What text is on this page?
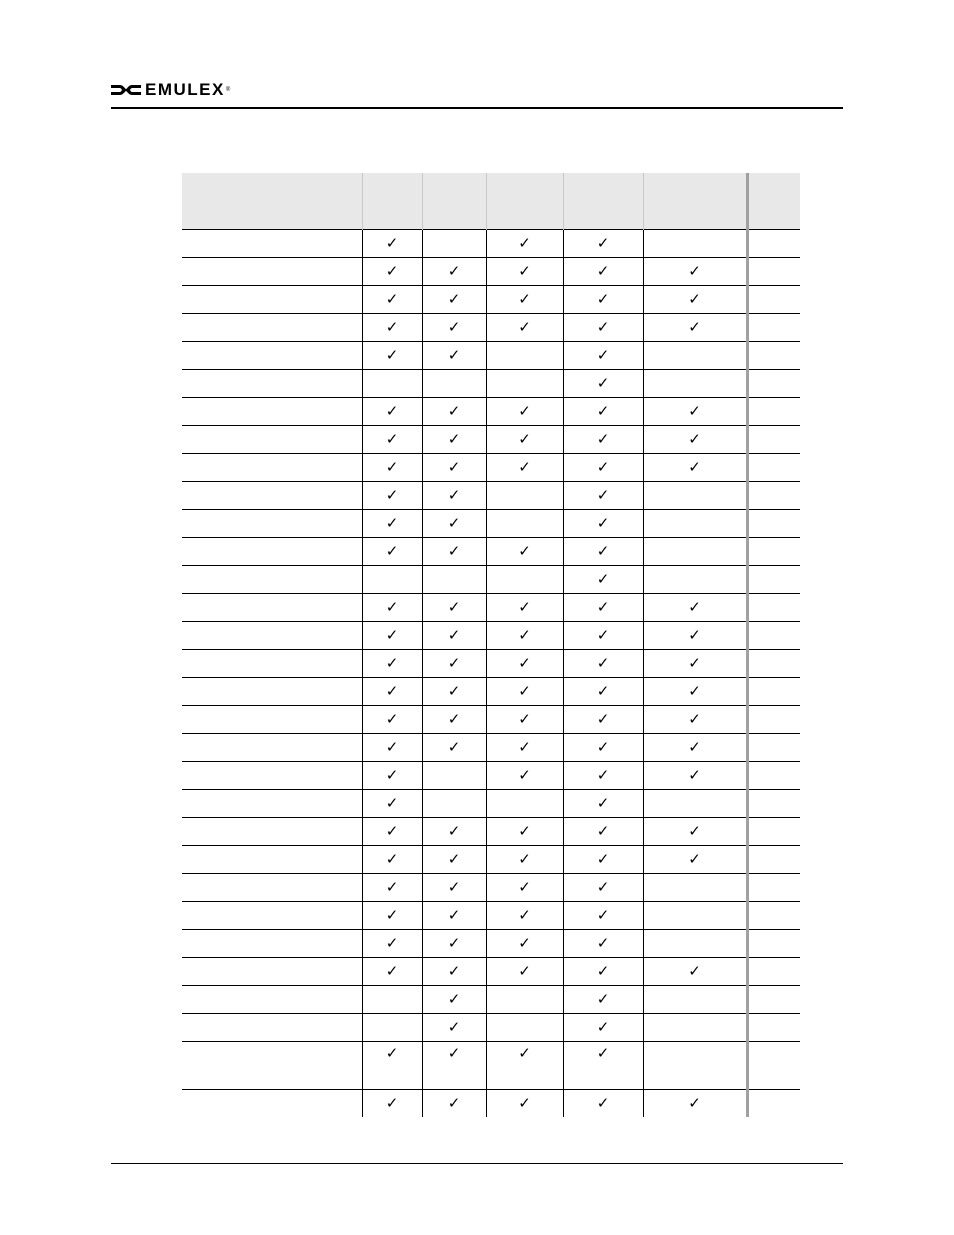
EMULEX ®

	✓		✓	✓		
	✓	✓	✓	✓	✓	
	✓	✓	✓	✓	✓	
	✓	✓	✓	✓	✓	
	✓	✓		✓		
				✓		
	✓	✓	✓	✓	✓	
	✓	✓	✓	✓	✓	
	✓	✓	✓	✓	✓	
	✓	✓		✓		
	✓	✓		✓		
	✓	✓	✓	✓		
				✓		
	✓	✓	✓	✓	✓	
	✓	✓	✓	✓	✓	
	✓	✓	✓	✓	✓	
	✓	✓	✓	✓	✓	
	✓	✓	✓	✓	✓	
	✓	✓	✓	✓	✓	
	✓		✓	✓	✓	
	✓			✓		
	✓	✓	✓	✓	✓	
	✓	✓	✓	✓	✓	
	✓	✓	✓	✓		
	✓	✓	✓	✓		
	✓	✓	✓	✓		
	✓	✓	✓	✓	✓	
		✓		✓		
		✓		✓		
	✓	✓	✓	✓		
	✓	✓	✓	✓	✓	
